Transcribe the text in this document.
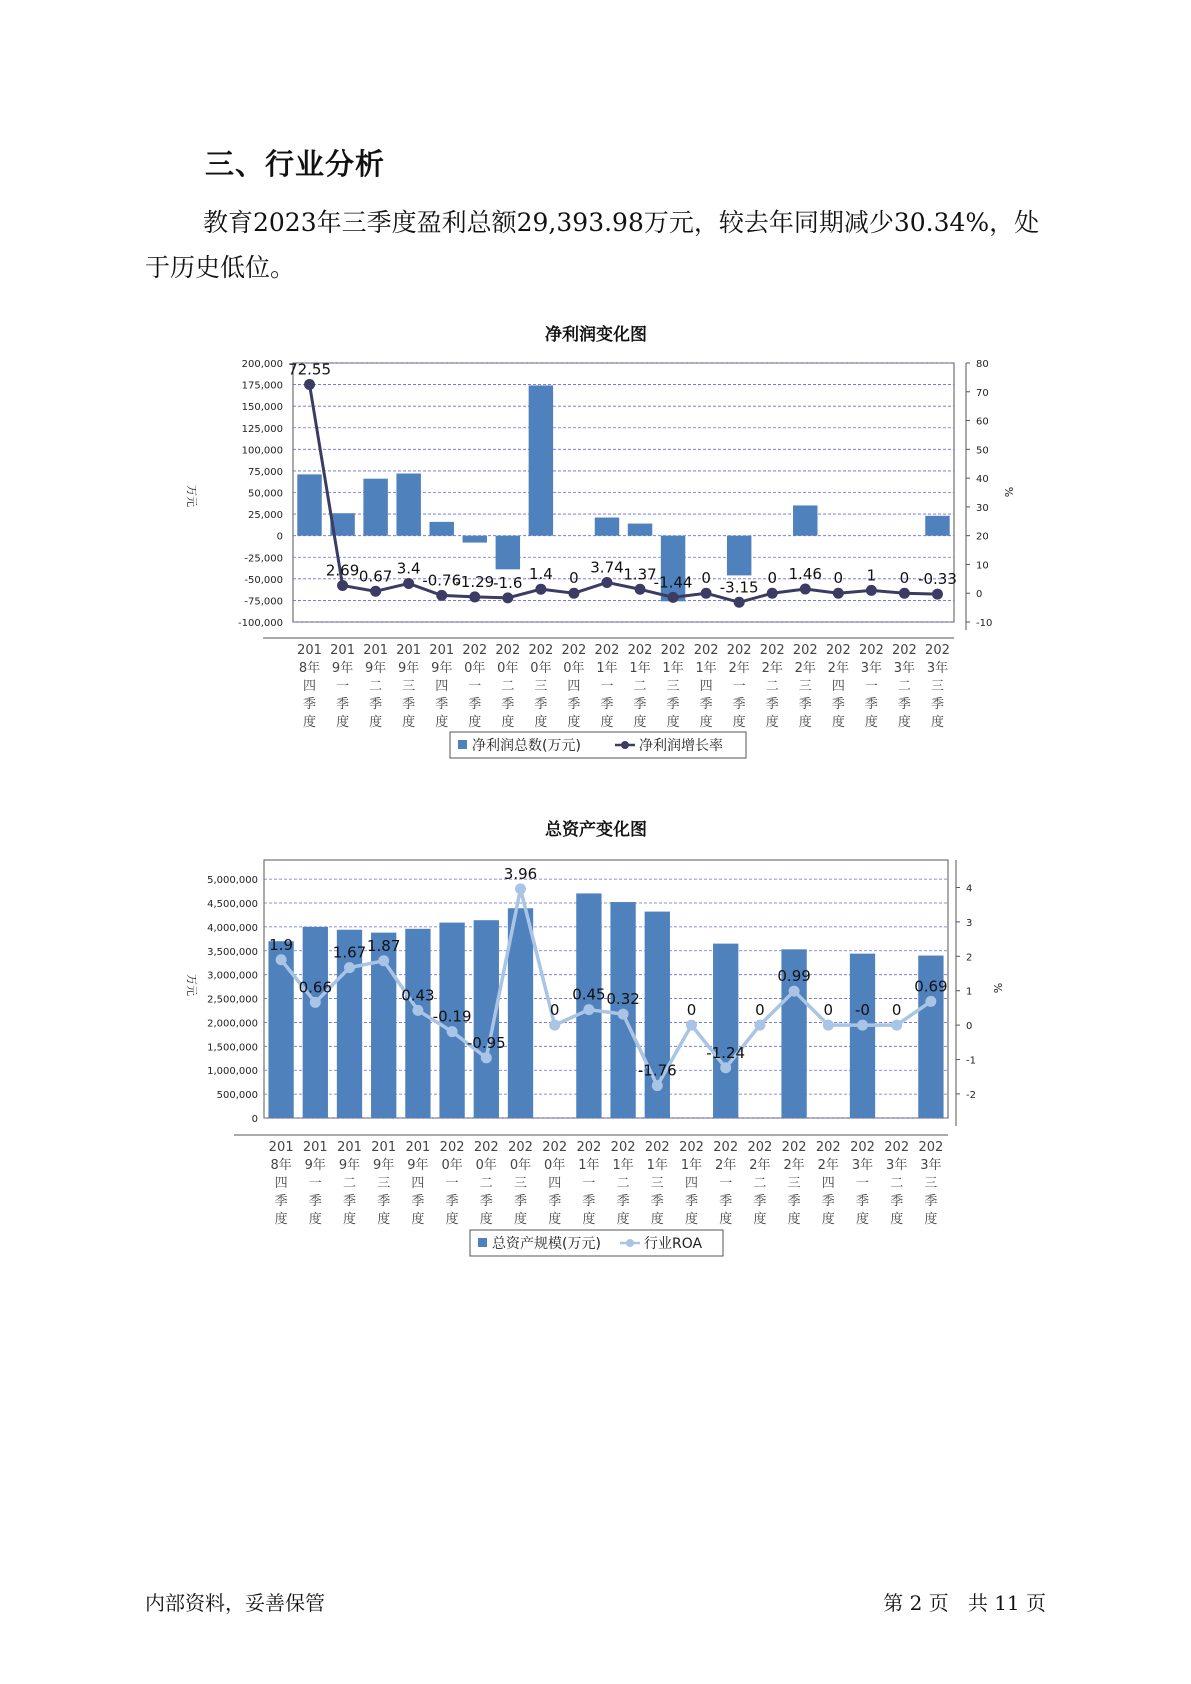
三、行业分析
教育2023年三季度盈利总额29,393.98万元，较去年同期减少30.34%，处于历史低位。
净利润变化图
200,000
175,000
150,000
125,000
100,000
75,000
50,000
25,000
0
-25,000
-50,000
-75,000
-100,000
80
70
60
50
40
30
20
10
0
-10
万元	%
72.55
2.69 0.67 3.4
-0.76
-1.29 -1.6 1.4 0
3.74 1.37
-1.44 0
-3.15
0 1.46 0 1 0 -0.33
201
8年
四
季
度
201
9年
一
季
度
201
9年
二
季
度
201
9年
三
季
度
201
9年
四
季
度
202
0年
一
季
度
202
0年
二
季
度
202
0年
三
季
度
202
0年
四
季
度
202
1年
一
季
度
202
1年
二
季
度
202
1年
三
季
度
202
1年
四
季
度
202
2年
一
季
度
202
2年
二
季
度
202
2年
三
季
度
202
2年
四
季
度
202
3年
一
季
度
202
3年
二
季
度
202
3年
三
季
度
净利润总数(万元)	净利润增长率
总资产变化图
5,000,000
4,500,000
4,000,000
3,500,000
3,000,000
2,500,000
2,000,000
1,500,000
1,000,000
500,000
0
4
3
2
1
0
-1
-2
万元	%
1.9
0.66
1.67 1.87
0.43
-0.19
-0.95
3.96
0
0.45 0.32
-1.76
0
-1.24
0
0.99
0 -0 0
0.69
201
8年
四
季
度
201
9年
一
季
度
201
9年
二
季
度
201
9年
三
季
度
201
9年
四
季
度
202
0年
一
季
度
202
0年
二
季
度
202
0年
三
季
度
202
0年
四
季
度
202
1年
一
季
度
202
1年
二
季
度
202
1年
三
季
度
202
1年
四
季
度
202
2年
一
季
度
202
2年
二
季
度
202
2年
三
季
度
202
2年
四
季
度
202
3年
一
季
度
202
3年
二
季
度
202
3年
三
季
度
总资产规模(万元)	行业ROA
内部资料，妥善保管	第 2 页 共 11 页
